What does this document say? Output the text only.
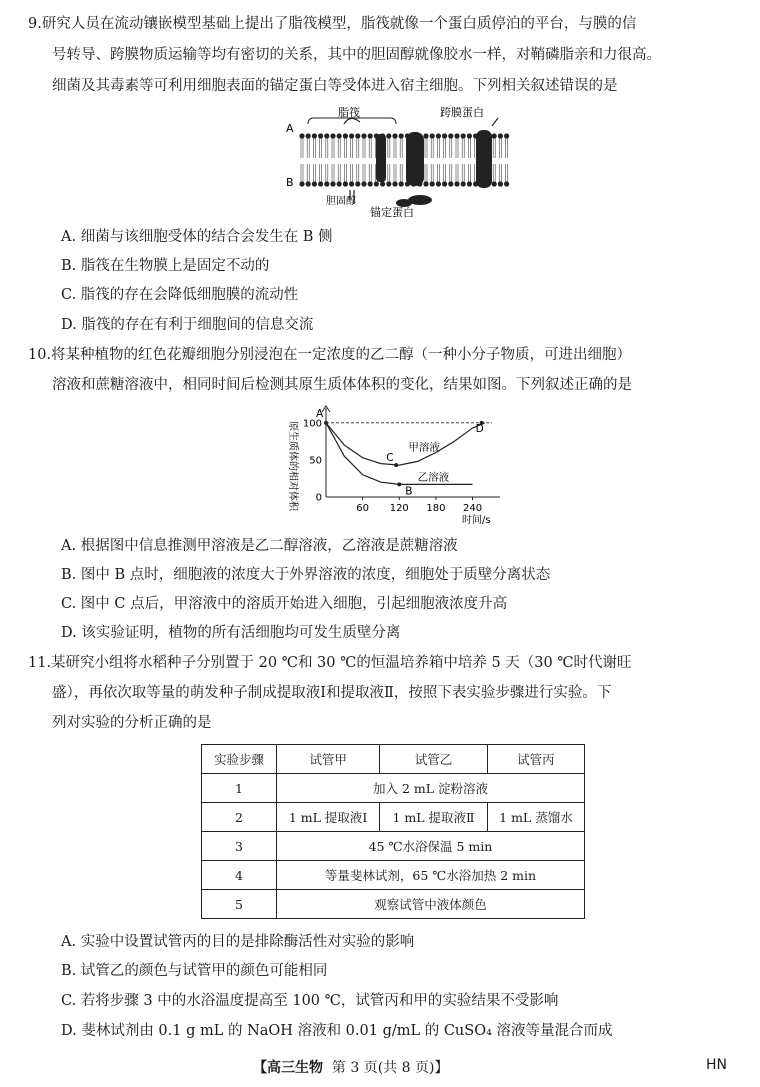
9.研究人员在流动镶嵌模型基础上提出了脂筏模型，脂筏就像一个蛋白质停泊的平台，与膜的信
号转导、跨膜物质运输等均有密切的关系，其中的胆固醇就像胶水一样，对鞘磷脂亲和力很高。
细菌及其毒素等可利用细胞表面的锚定蛋白等受体进入宿主细胞。下列相关叙述错误的是
A
B
脂筏	跨膜蛋白
胆固醇
锚定蛋白
A. 细菌与该细胞受体的结合会发生在 B 侧
B. 脂筏在生物膜上是固定不动的
C. 脂筏的存在会降低细胞膜的流动性
D. 脂筏的存在有利于细胞间的信息交流
10.将某种植物的红色花瓣细胞分别浸泡在一定浓度的乙二醇（一种小分子物质，可进出细胞）
溶液和蔗糖溶液中，相同时间后检测其原生质体体积的变化，结果如图。下列叙述正确的是
原生质体的相对体积	60 120 180 240
0
50
100
甲溶液
乙溶液
A
B
C
D
时间/s
A. 根据图中信息推测甲溶液是乙二醇溶液，乙溶液是蔗糖溶液
B. 图中 B 点时，细胞液的浓度大于外界溶液的浓度，细胞处于质壁分离状态
C. 图中 C 点后，甲溶液中的溶质开始进入细胞，引起细胞液浓度升高
D. 该实验证明，植物的所有活细胞均可发生质壁分离
11.某研究小组将水稻种子分别置于 20 ℃和 30 ℃的恒温培养箱中培养 5 天（30 ℃时代谢旺
盛），再依次取等量的萌发种子制成提取液Ⅰ和提取液Ⅱ，按照下表实验步骤进行实验。下
列对实验的分析正确的是
实验步骤	试管甲	试管乙	试管丙
1	加入 2 mL 淀粉溶液		
2	1 mL 提取液Ⅰ	1 mL 提取液Ⅱ	1 mL 蒸馏水
3	45 ℃水浴保温 5 min		
4	等量斐林试剂，65 ℃水浴加热 2 min		
5	观察试管中液体颜色		
A. 实验中设置试管丙的目的是排除酶活性对实验的影响
B. 试管乙的颜色与试管甲的颜色可能相同
C. 若将步骤 3 中的水浴温度提高至 100 ℃，试管丙和甲的实验结果不受影响
D. 斐林试剂由 0.1 g mL 的 NaOH 溶液和 0.01 g/mL 的 CuSO₄ 溶液等量混合而成
【高三生物 第 3 页(共 8 页)】	HN
